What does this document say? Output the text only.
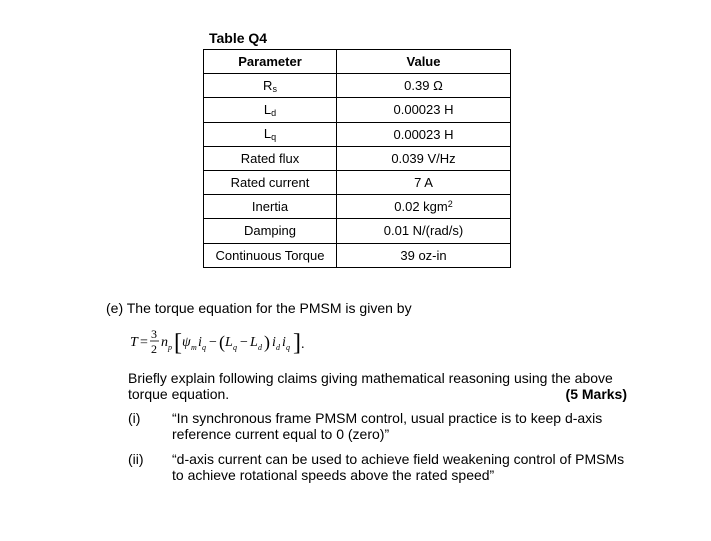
Table Q4
Parameter	Value
$R_s$	0.39 Ω
$L_d$	0.00023 H
$L_q$	0.00023 H
Rated flux	0.039 V/Hz
Rated current	7 A
Inertia	0.02 kgm$^2$
Damping	0.01 N/(rad/s)
Continuous Torque	39 oz-in
(e) The torque equation for the PMSM is given by
T =
3
2 n p [ ψ m i q − ( L q − L d ) i d i q ] .
Briefly explain following claims giving mathematical reasoning using the above
torque equation.	(5 Marks)
(i) “In synchronous frame PMSM control, usual practice is to keep d-axis
reference current equal to 0 (zero)”
(ii) “d-axis current can be used to achieve field weakening control of PMSMs
to achieve rotational speeds above the rated speed”
